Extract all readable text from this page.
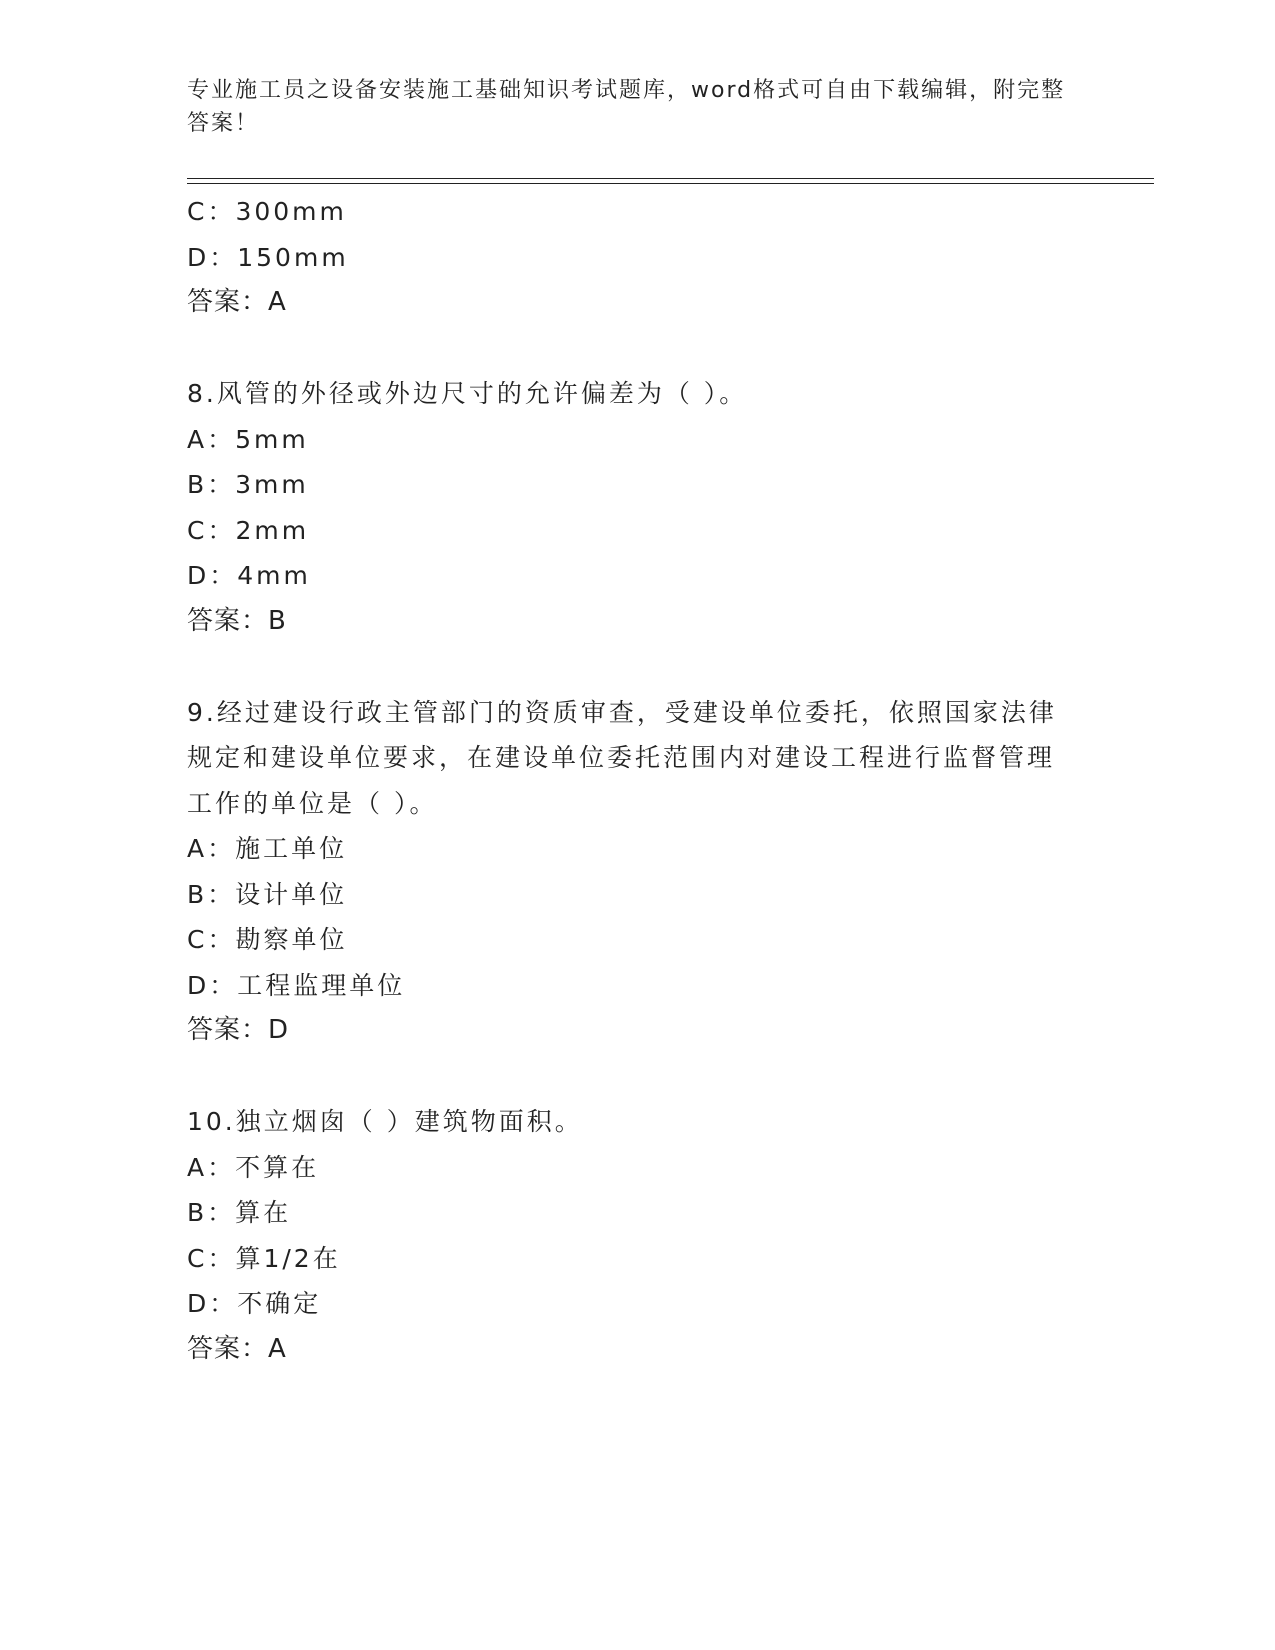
专业施工员之设备安装施工基础知识考试题库，word格式可自由下载编辑，附完整答案！
C：300mm
D：150mm
答案：A
8.风管的外径或外边尺寸的允许偏差为（ ）。
A：5mm
B：3mm
C：2mm
D：4mm
答案：B
9.经过建设行政主管部门的资质审查，受建设单位委托，依照国家法律规定和建设单位要求，在建设单位委托范围内对建设工程进行监督管理工作的单位是（ ）。
A：施工单位
B：设计单位
C：勘察单位
D：工程监理单位
答案：D
10.独立烟囱（ ）建筑物面积。
A：不算在
B：算在
C：算1/2在
D：不确定
答案：A
